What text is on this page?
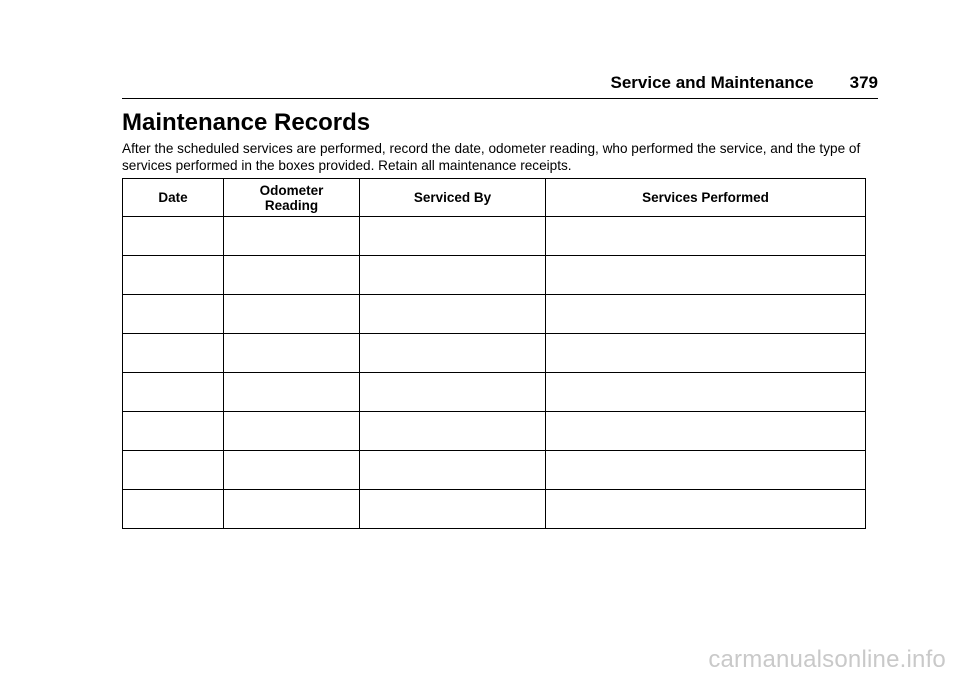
Service and Maintenance 379
Maintenance Records

After the scheduled services are performed, record the date, odometer reading, who performed the service, and the type of services performed in the boxes provided. Retain all maintenance receipts.

Date	Odometer Reading	Serviced By	Services Performed

carmanualsonline.info
